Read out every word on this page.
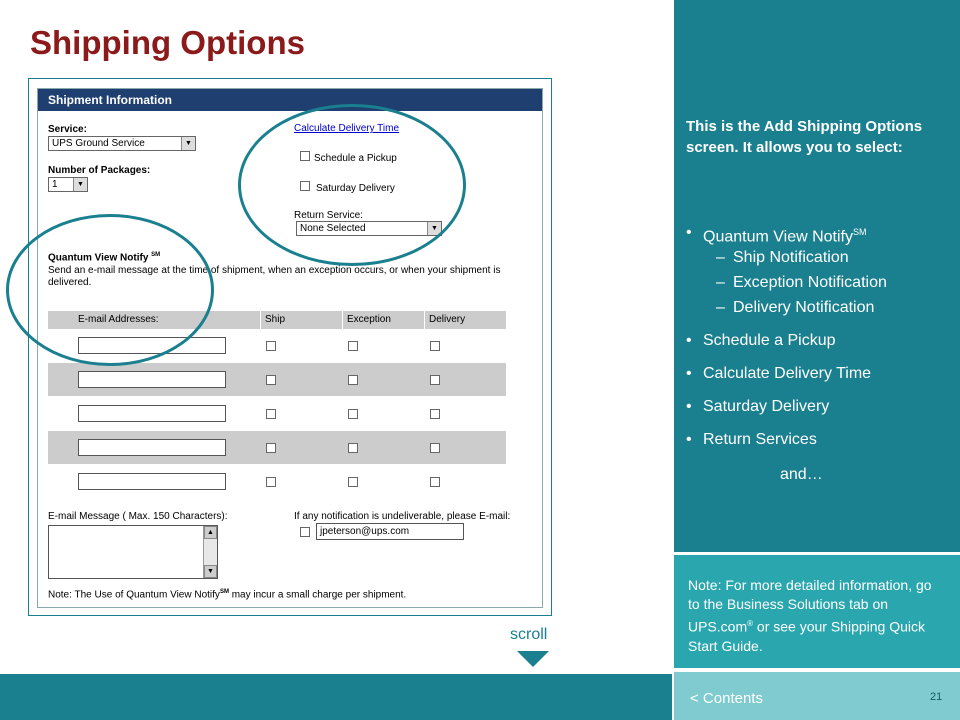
Shipping Options
Shipment Information
Service:
UPS Ground Service	▼
Number of Packages:
1	▼
Calculate Delivery Time
Schedule a Pickup
Saturday Delivery
Return Service:
None Selected	▼
Quantum View Notify ℠
Send an e-mail message at the time of shipment, when an exception occurs, or when your shipment is delivered.
E-mail Addresses:	Ship	Exception	Delivery
E-mail Message ( Max. 150 Characters):
▲
▼
If any notification is undeliverable, please E-mail:
jpeterson@ups.com
Note: The Use of Quantum View Notify℠ may incur a small charge per shipment.
scroll
This is the Add Shipping Options screen. It allows you to select:
• Quantum View Notify℠
– Ship Notification
– Exception Notification
– Delivery Notification
• Schedule a Pickup
• Calculate Delivery Time
• Saturday Delivery
• Return Services
and…
Note: For more detailed information, go to the Business Solutions tab on UPS.com® or see your Shipping Quick Start Guide.
< Contents	21
